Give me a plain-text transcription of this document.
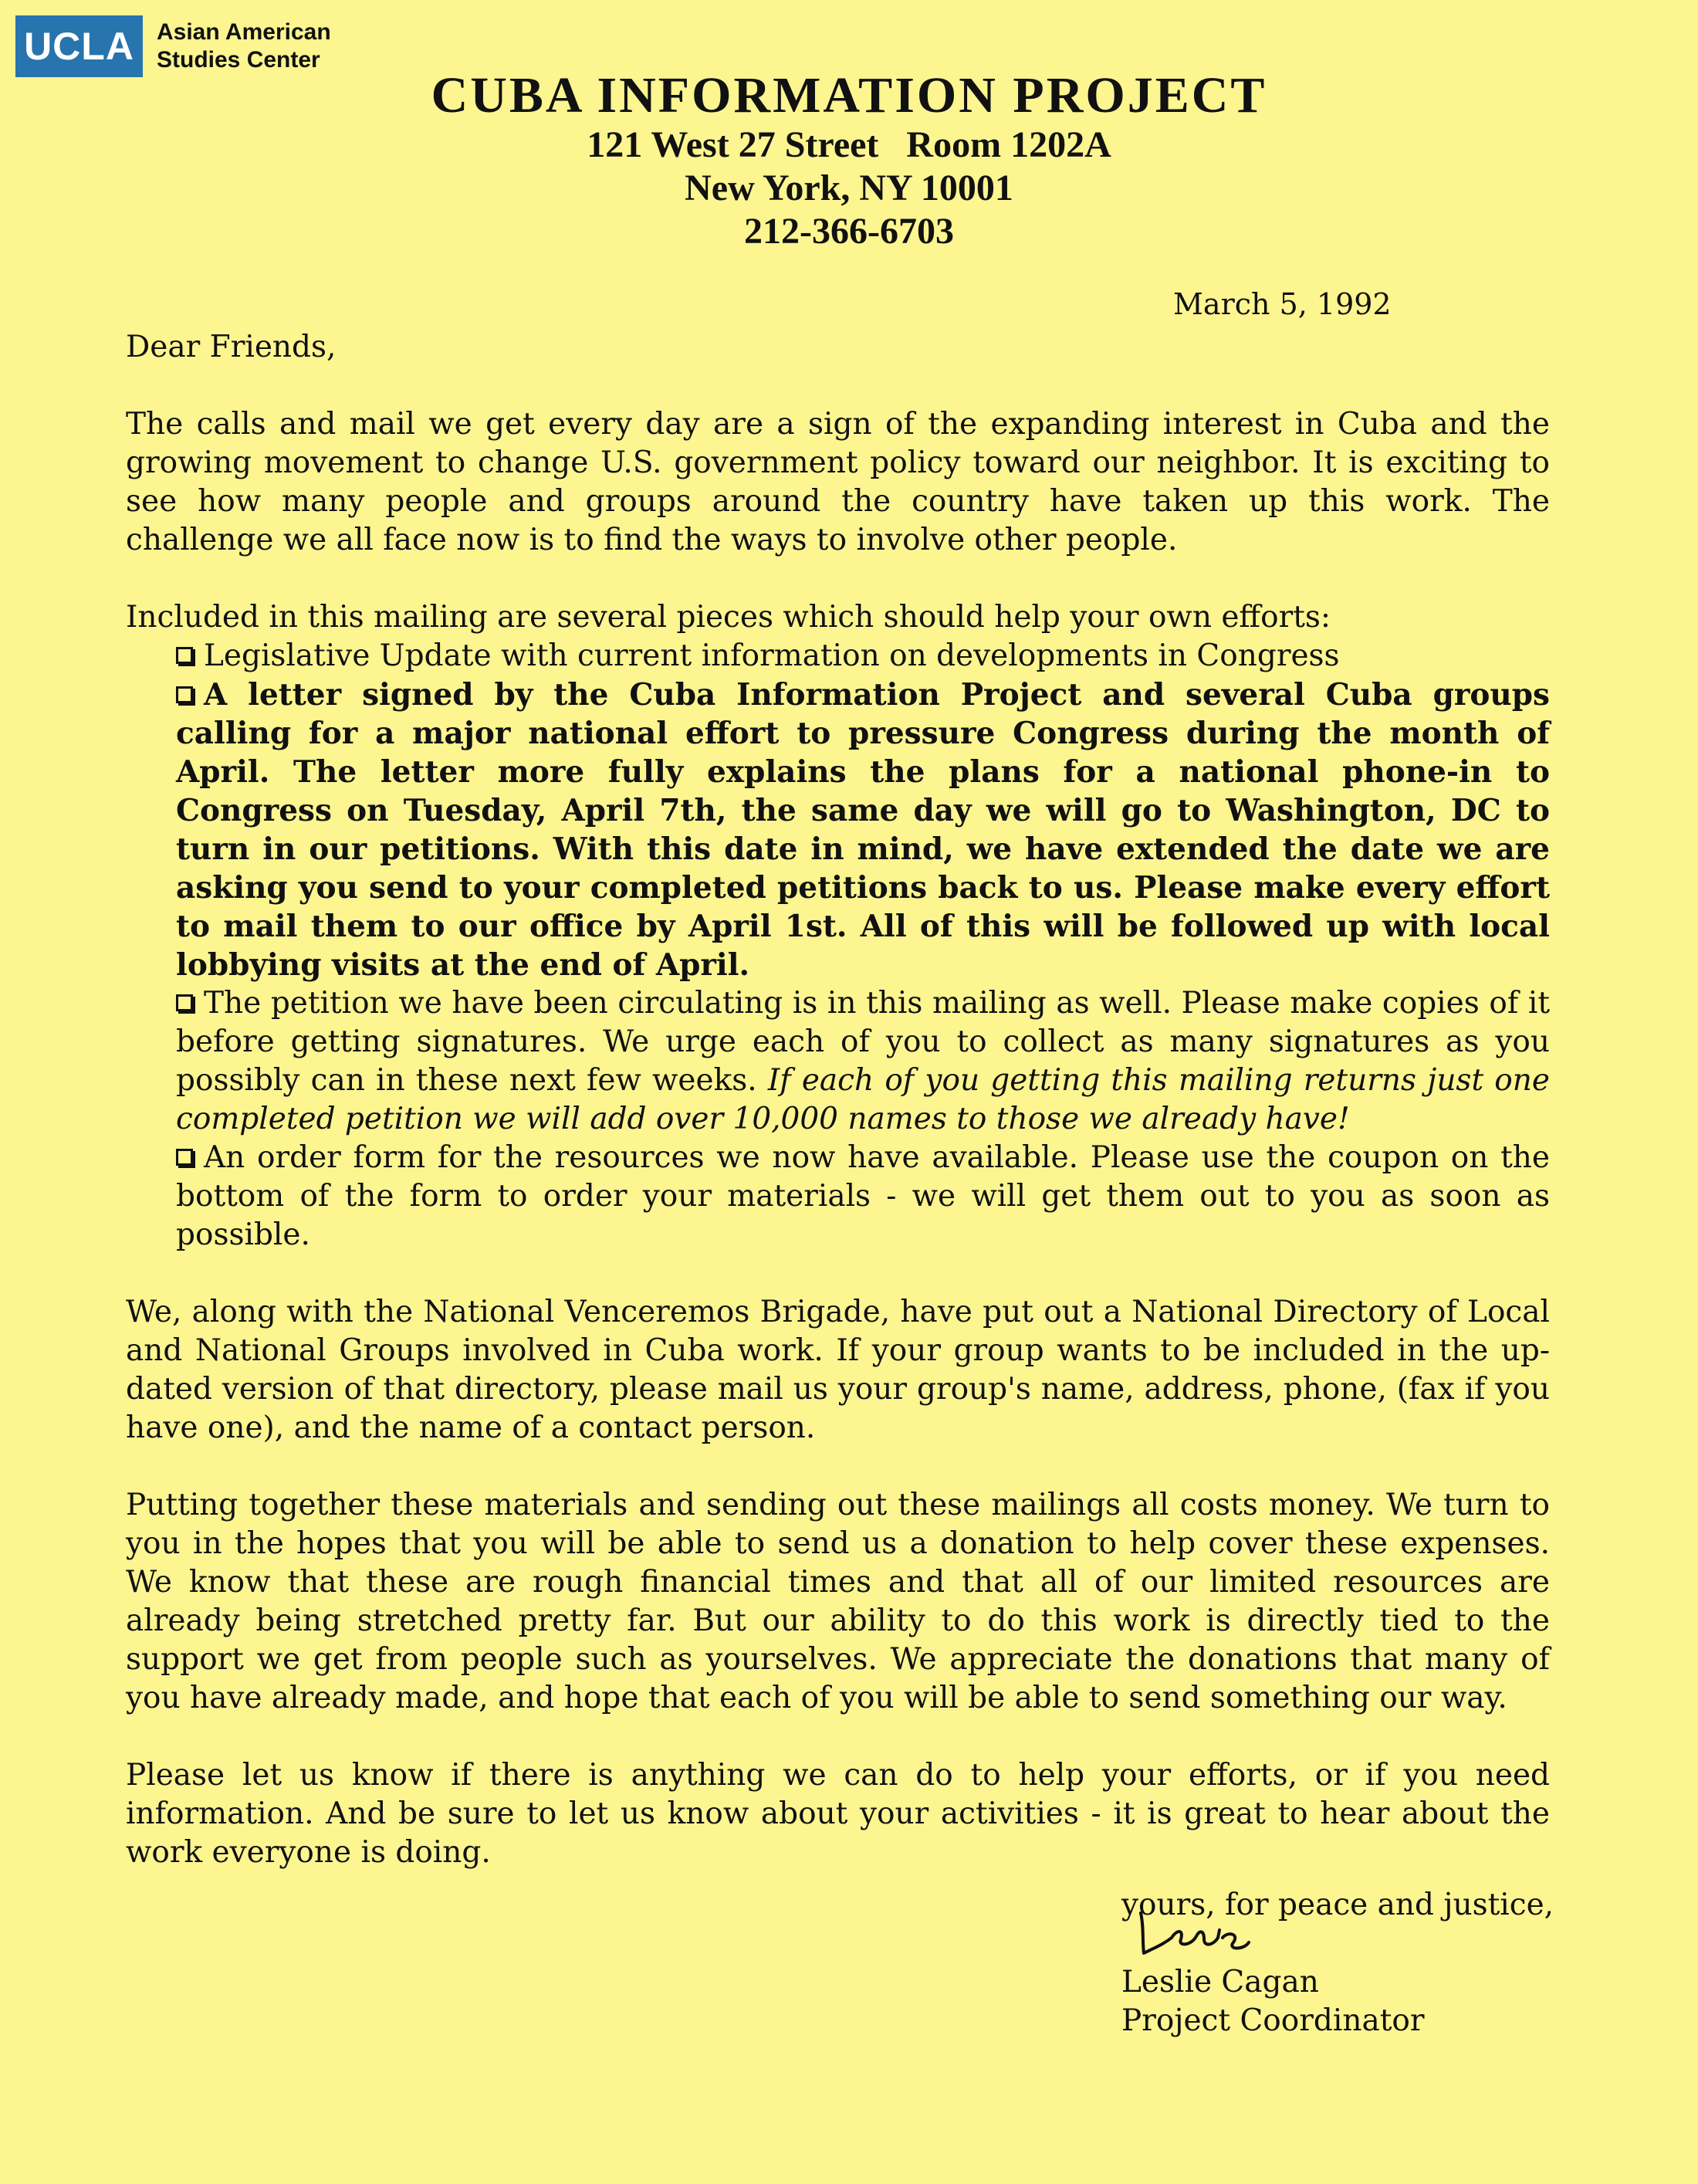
UCLA Asian American
Studies Center
CUBA INFORMATION PROJECT
121 West 27 Street   Room 1202A
New York, NY 10001
212-366-6703
March 5, 1992

Dear Friends,

The calls and mail we get every day are a sign of the expanding interest in Cuba and the growing movement to change U.S. government policy toward our neighbor. It is exciting to see how many people and groups around the country have taken up this work. The challenge we all face now is to find the ways to involve other people.

Included in this mailing are several pieces which should help your own efforts:

Legislative Update with current information on developments in Congress
A letter signed by the Cuba Information Project and several Cuba groups calling for a major national effort to pressure Congress during the month of April. The letter more fully explains the plans for a national phone-in to Congress on Tuesday, April 7th, the same day we will go to Washington, DC to turn in our petitions. With this date in mind, we have extended the date we are asking you send to your completed petitions back to us. Please make every effort to mail them to our office by April 1st. All of this will be followed up with local lobbying visits at the end of April.
The petition we have been circulating is in this mailing as well. Please make copies of it before getting signatures. We urge each of you to collect as many signatures as you possibly can in these next few weeks. If each of you getting this mailing returns just one completed petition we will add over 10,000 names to those we already have!
An order form for the resources we now have available. Please use the coupon on the bottom of the form to order your materials - we will get them out to you as soon as possible.

We, along with the National Venceremos Brigade, have put out a National Directory of Local and National Groups involved in Cuba work. If your group wants to be included in the up-dated version of that directory, please mail us your group's name, address, phone, (fax if you have one), and the name of a contact person.

Putting together these materials and sending out these mailings all costs money. We turn to you in the hopes that you will be able to send us a donation to help cover these expenses. We know that these are rough financial times and that all of our limited resources are already being stretched pretty far. But our ability to do this work is directly tied to the support we get from people such as yourselves. We appreciate the donations that many of you have already made, and hope that each of you will be able to send something our way.

Please let us know if there is anything we can do to help your efforts, or if you need information. And be sure to let us know about your activities - it is great to hear about the work everyone is doing.

yours, for peace and justice,
Leslie Cagan
Project Coordinator
